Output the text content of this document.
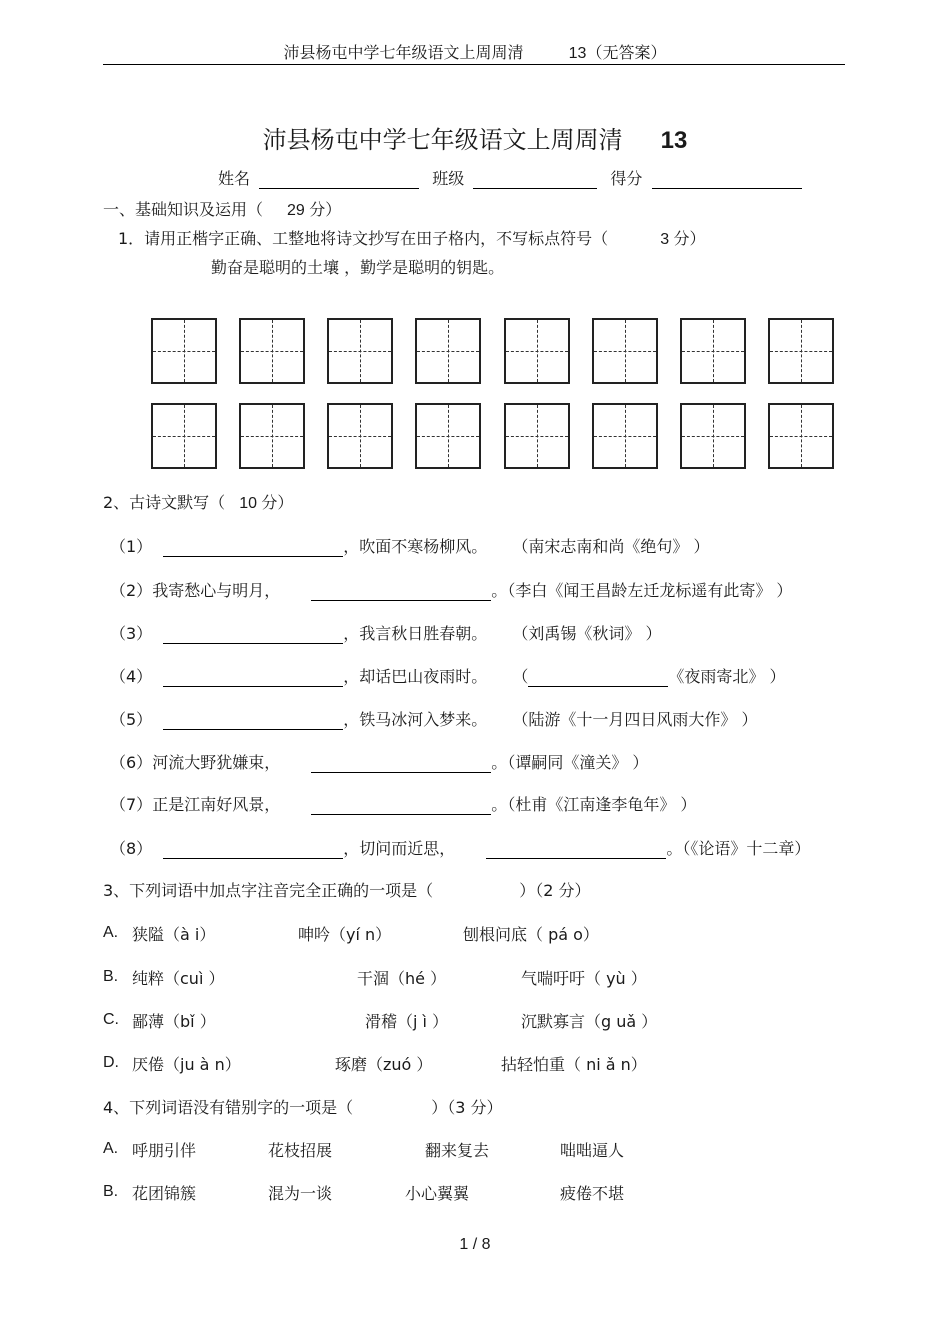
沛县杨屯中学七年级语文上周周清	13（无答案）
沛县杨屯中学七年级语文上周周清 13
姓名	班级	得分
一、基础知识及运用（ 29 分）
1．请用正楷字正确、工整地将诗文抄写在田子格内，不写标点符号（	3 分）
勤奋是聪明的土壤 ，勤学是聪明的钥匙。
2、古诗文默写（ 10 分）
（1）	，吹面不寒杨柳风。 （南宋志南和尚《绝句》 ）
（2）我寄愁心与明月，	。（李白《闻王昌龄左迁龙标遥有此寄》 ）
（3）	，我言秋日胜春朝。 （刘禹锡《秋词》 ）
（4）	，却话巴山夜雨时。 （	《夜雨寄北》 ）
（5）	，铁马冰河入梦来。 （陆游《十一月四日风雨大作》 ）
（6）河流大野犹嫌束，	。（谭嗣同《潼关》 ）
（7）正是江南好风景，	。（杜甫《江南逢李龟年》 ）
（8）	，切问而近思，	。（《论语》十二章）
3、下列词语中加点字注音完全正确的一项是（	）（2 分）
A. 狭隘（à i）	呻吟（yí n）	刨根问底（ pá o）
B. 纯粹（cuì ）	干涸（hé ）	气喘吁吁（ yù ）
C. 鄙薄（bǐ ）	滑稽（j ì ）	沉默寡言（g uǎ ）
D. 厌倦（ju à n）	琢磨（zuó ）	拈轻怕重（ ni ǎ n）
4、下列词语没有错别字的一项是（	）（3 分）
A. 呼朋引伴	花枝招展	翻来复去	咄咄逼人
B. 花团锦簇	混为一谈	小心翼翼	疲倦不堪
1 / 8
